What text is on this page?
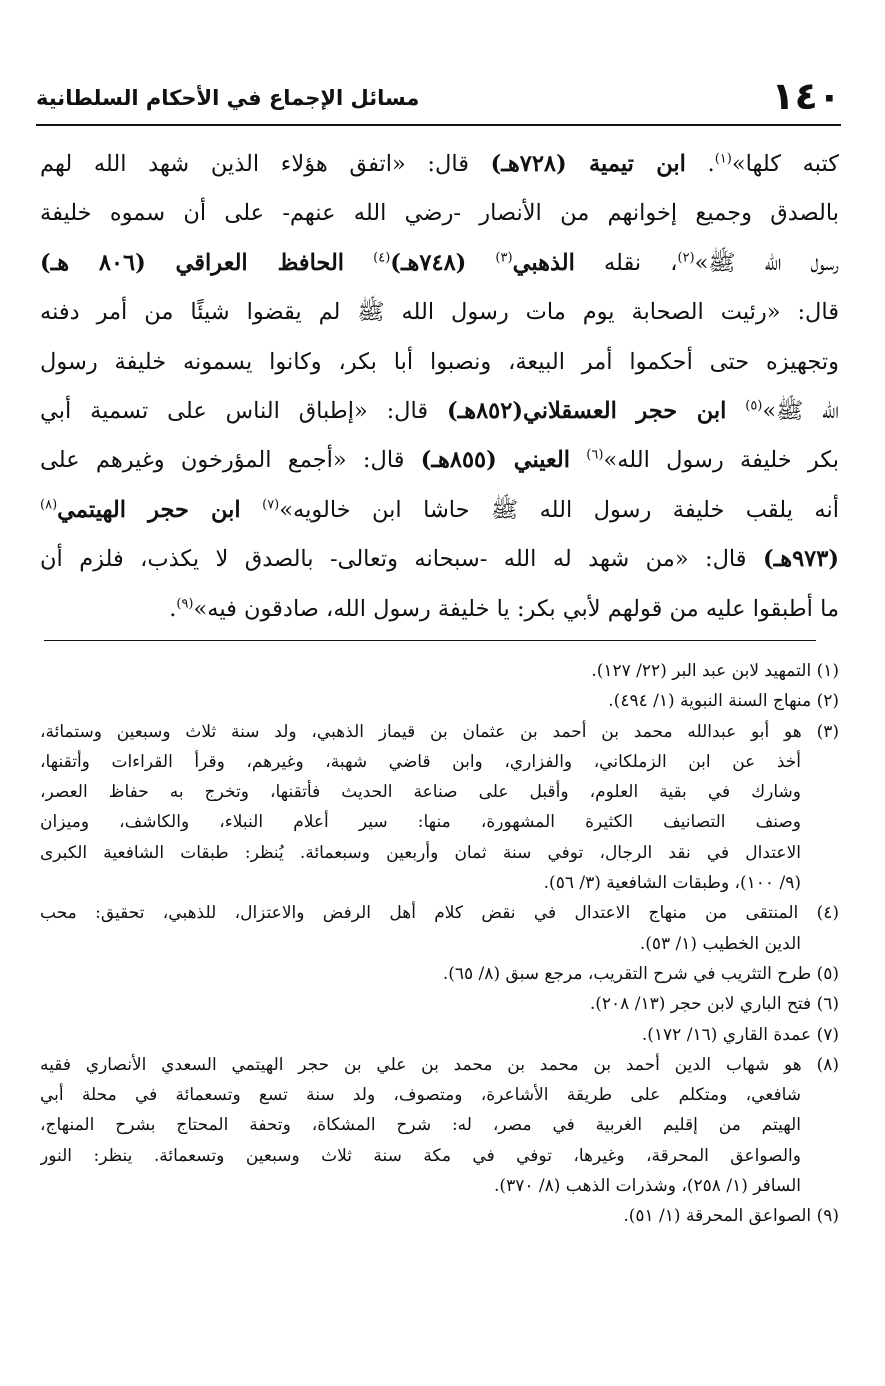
١٤٠
مسائل الإجماع في الأحكام السلطانية
كتبه كلها»$^{(١)}$. ابن تيمية (٧٢٨هـ) قال: «اتفق هؤلاء الذين شهد الله لهم
بالصدق وجميع إخوانهم من الأنصار -رضي الله عنهم- على أن سموه خليفة
رسول الله ﷺ»$^{(٢)}$، نقله الذهبي$^{(٣)}$ (٧٤٨هـ)$^{(٤)}$ الحافظ العراقي (٨٠٦ هـ)
قال: «رئيت الصحابة يوم مات رسول الله ﷺ لم يقضوا شيئًا من أمر دفنه
وتجهيزه حتى أحكموا أمر البيعة، ونصبوا أبا بكر، وكانوا يسمونه خليفة رسول
الله ﷺ»$^{(٥)}$ ابن حجر العسقلاني(٨٥٢هـ) قال: «إطباق الناس على تسمية أبي
بكر خليفة رسول الله»$^{(٦)}$ العيني (٨٥٥هـ) قال: «أجمع المؤرخون وغيرهم على
أنه يلقب خليفة رسول الله ﷺ حاشا ابن خالويه»$^{(٧)}$ ابن حجر الهيتمي$^{(٨)}$
(٩٧٣هـ) قال: «من شهد له الله -سبحانه وتعالى- بالصدق لا يكذب، فلزم أن
ما أطبقوا عليه من قولهم لأبي بكر: يا خليفة رسول الله، صادقون فيه»$^{(٩)}$.
(١) التمهيد لابن عبد البر (٢٢/ ١٢٧).
(٢) منهاج السنة النبوية (١/ ٤٩٤).
(٣) هو أبو عبدالله محمد بن أحمد بن عثمان بن قيماز الذهبي، ولد سنة ثلاث وسبعين وستمائة،
أخذ عن ابن الزملكاني، والفزاري، وابن قاضي شهبة، وغيرهم، وقرأ القراءات وأتقنها،
وشارك في بقية العلوم، وأقبل على صناعة الحديث فأتقنها، وتخرج به حفاظ العصر،
وصنف التصانيف الكثيرة المشهورة، منها: سير أعلام النبلاء، والكاشف، وميزان
الاعتدال في نقد الرجال، توفي سنة ثمان وأربعين وسبعمائة. يُنظر: طبقات الشافعية الكبرى
(٩/ ١٠٠)، وطبقات الشافعية (٣/ ٥٦).
(٤) المنتقى من منهاج الاعتدال في نقض كلام أهل الرفض والاعتزال، للذهبي، تحقيق: محب
الدين الخطيب (١/ ٥٣).
(٥) طرح التثريب في شرح التقريب، مرجع سبق (٨/ ٦٥).
(٦) فتح الباري لابن حجر (١٣/ ٢٠٨).
(٧) عمدة القاري (١٦/ ١٧٢).
(٨) هو شهاب الدين أحمد بن محمد بن محمد بن علي بن حجر الهيتمي السعدي الأنصاري فقيه
شافعي، ومتكلم على طريقة الأشاعرة، ومتصوف، ولد سنة تسع وتسعمائة في محلة أبي
الهيتم من إقليم الغربية في مصر، له: شرح المشكاة، وتحفة المحتاج بشرح المنهاج،
والصواعق المحرقة، وغيرها، توفي في مكة سنة ثلاث وسبعين وتسعمائة. ينظر: النور
السافر (١/ ٢٥٨)، وشذرات الذهب (٨/ ٣٧٠).
(٩) الصواعق المحرقة (١/ ٥١).
